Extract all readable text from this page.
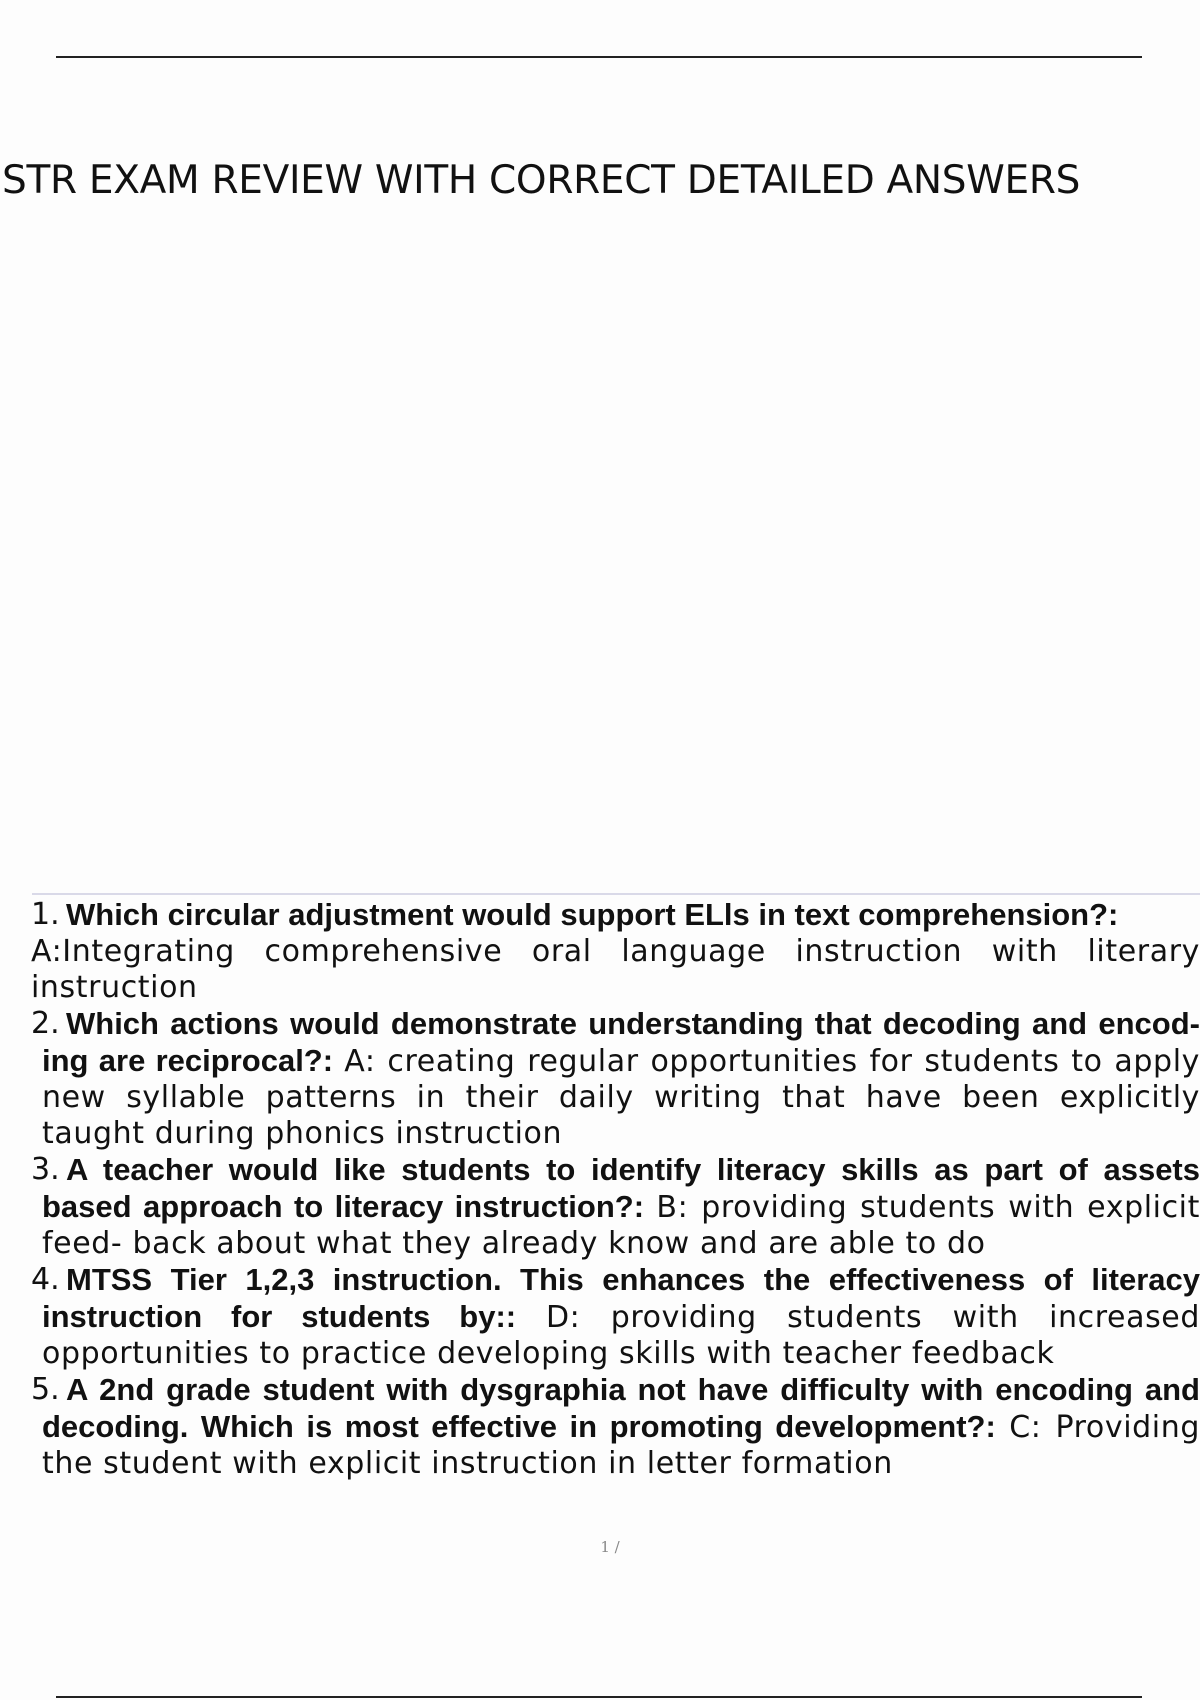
STR EXAM REVIEW WITH CORRECT DETAILED ANSWERS
1. Which circular adjustment would support ELls in text comprehension?:
A:Integrating comprehensive oral language instruction with literary instruction
2. Which actions would demonstrate understanding that decoding and encod- ing are reciprocal?: A: creating regular opportunities for students to apply new syllable patterns in their daily writing that have been explicitly taught during phonics instruction
3. A teacher would like students to identify literacy skills as part of assets based approach to literacy instruction?: B: providing students with explicit feed- back about what they already know and are able to do
4. MTSS Tier 1,2,3 instruction. This enhances the effectiveness of literacy instruction for students by:: D: providing students with increased opportunities to practice developing skills with teacher feedback
5. A 2nd grade student with dysgraphia not have difficulty with encoding and decoding. Which is most effective in promoting development?: C: Providing the student with explicit instruction in letter formation
1 /
